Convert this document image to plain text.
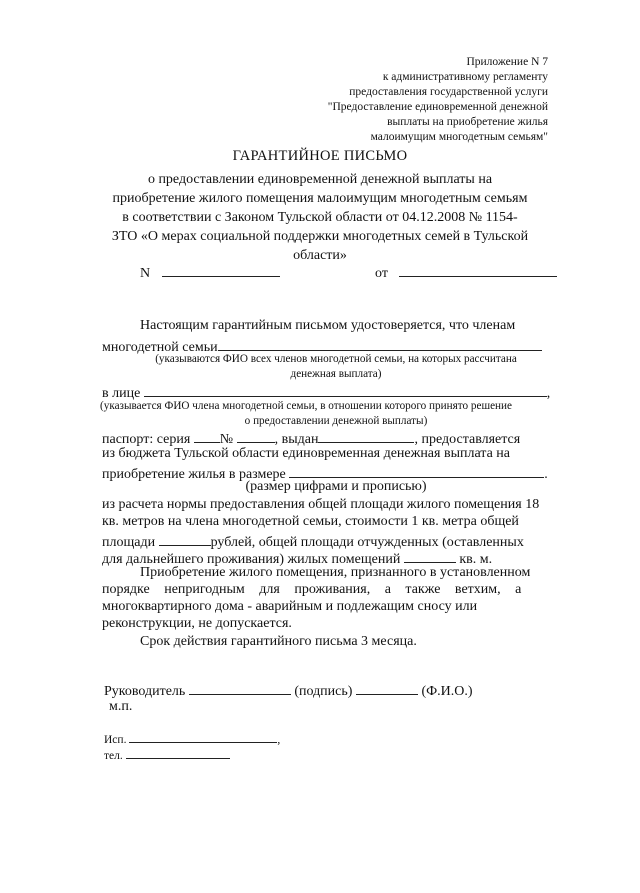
Приложение N 7
к административному регламенту
предоставления государственной услуги
"Предоставление единовременной денежной
выплаты на приобретение жилья
малоимущим многодетным семьям"
ГАРАНТИЙНОЕ ПИСЬМО
о предоставлении единовременной денежной выплаты на
приобретение жилого помещения малоимущим многодетным семьям
в соответствии с Законом Тульской области от 04.12.2008 № 1154-
ЗТО «О мерах социальной поддержки многодетных семей в Тульской
области»
N	от
Настоящим гарантийным письмом удостоверяется, что членам
многодетной семьи
(указываются ФИО всех членов многодетной семьи, на которых рассчитана
денежная выплата)
в лице	,
(указывается ФИО члена многодетной семьи, в отношении которого принято решение
о предоставлении денежной выплаты)
паспорт: серия №	, выдан	, предоставляется
из бюджета Тульской области единовременная денежная выплата на
приобретение жилья в размере	.
(размер цифрами и прописью)
из расчета нормы предоставления общей площади жилого помещения 18
кв. метров на члена многодетной семьи, стоимости 1 кв. метра общей
площади	рублей, общей площади отчужденных (оставленных
для дальнейшего проживания) жилых помещений	кв. м.
Приобретение жилого помещения, признанного в установленном
порядке непригодным для проживания, а также ветхим, а
многоквартирного дома - аварийным и подлежащим сносу или
реконструкции, не допускается.
Срок действия гарантийного письма 3 месяца.
Руководитель	(подпись)	(Ф.И.О.)
м.п.
Исп.	,
тел.
